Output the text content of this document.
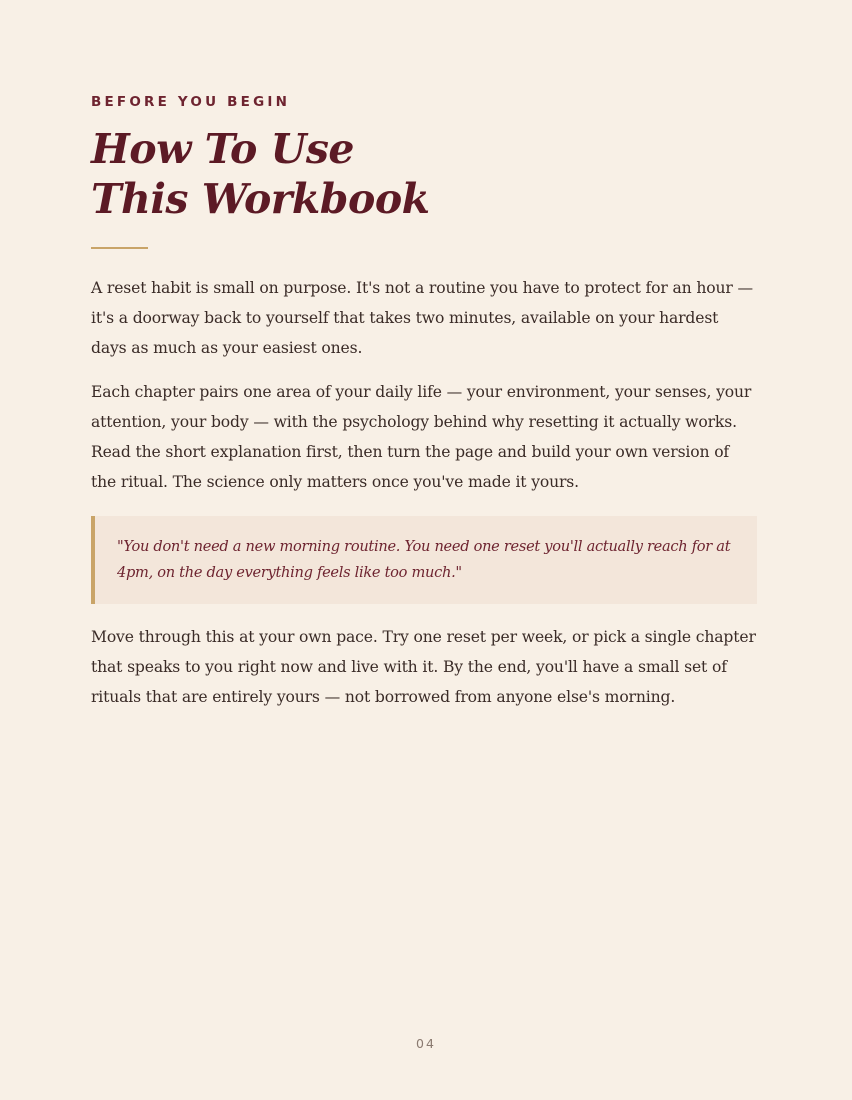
BEFORE YOU BEGIN
How To Use
This Workbook

A reset habit is small on purpose. It's not a routine you have to protect for an hour — it's a doorway back to yourself that takes two minutes, available on your hardest days as much as your easiest ones.

Each chapter pairs one area of your daily life — your environment, your senses, your attention, your body — with the psychology behind why resetting it actually works. Read the short explanation first, then turn the page and build your own version of the ritual. The science only matters once you've made it yours.

"You don't need a new morning routine. You need one reset you'll actually reach for at 4pm, on the day everything feels like too much."

Move through this at your own pace. Try one reset per week, or pick a single chapter that speaks to you right now and live with it. By the end, you'll have a small set of rituals that are entirely yours — not borrowed from anyone else's morning.

04
